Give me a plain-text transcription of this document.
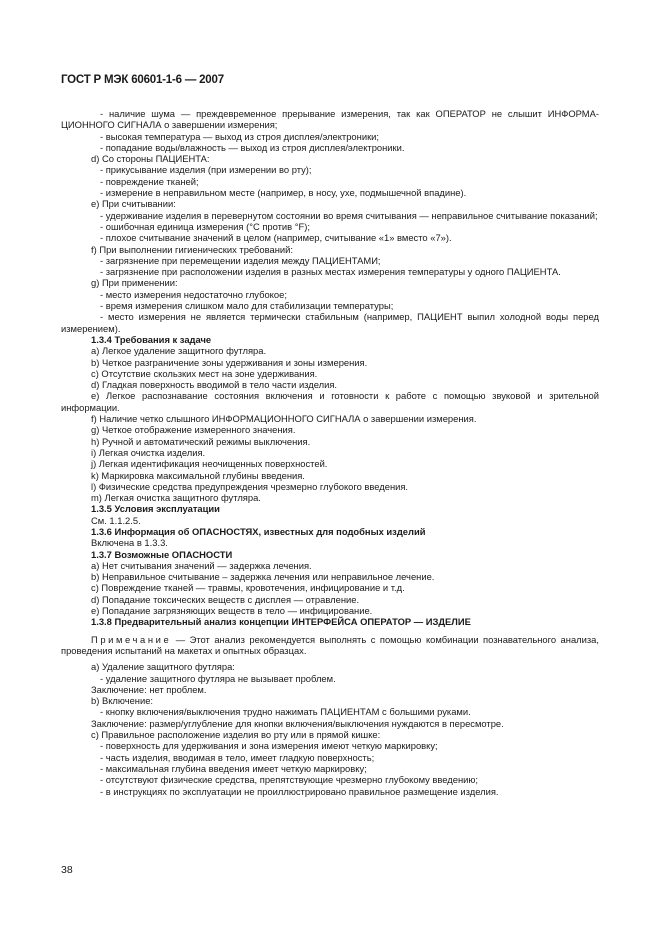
ГОСТ Р МЭК 60601-1-6 — 2007

- наличие шума — преждевременное прерывание измерения, так как ОПЕРАТОР не слышит ИНФОРМАЦИОННОГО СИГНАЛА о завершении измерения;

- высокая температура — выход из строя дисплея/электроники;

- попадание воды/влажность — выход из строя дисплея/электроники.

d) Со стороны ПАЦИЕНТА:

- прикусывание изделия (при измерении во рту);

- повреждение тканей;

- измерение в неправильном месте (например, в носу, ухе, подмышечной впадине).

e) При считывании:

- удерживание изделия в перевернутом состоянии во время считывания — неправильное считывание показаний;

- ошибочная единица измерения (°C против °F);

- плохое считывание значений в целом (например, считывание «1» вместо «7»).

f) При выполнении гигиенических требований:

- загрязнение при перемещении изделия между ПАЦИЕНТАМИ;

- загрязнение при расположении изделия в разных местах измерения температуры у одного ПАЦИЕНТА.

g) При применении:

- место измерения недостаточно глубокое;

- время измерения слишком мало для стабилизации температуры;

- место измерения не является термически стабильным (например, ПАЦИЕНТ выпил холодной воды перед измерением).

1.3.4 Требования к задаче

a) Легкое удаление защитного футляра.

b) Четкое разграничение зоны удерживания и зоны измерения.

c) Отсутствие скользких мест на зоне удерживания.

d) Гладкая поверхность вводимой в тело части изделия.

e) Легкое распознавание состояния включения и готовности к работе с помощью звуковой и зрительной информации.

f) Наличие четко слышного ИНФОРМАЦИОННОГО СИГНАЛА о завершении измерения.

g) Четкое отображение измеренного значения.

h) Ручной и автоматический режимы выключения.

i) Легкая очистка изделия.

j) Легкая идентификация неочищенных поверхностей.

k) Маркировка максимальной глубины введения.

l) Физические средства предупреждения чрезмерно глубокого введения.

m) Легкая очистка защитного футляра.

1.3.5 Условия эксплуатации

См. 1.1.2.5.

1.3.6 Информация об ОПАСНОСТЯХ, известных для подобных изделий

Включена в 1.3.3.

1.3.7 Возможные ОПАСНОСТИ

a) Нет считывания значений — задержка лечения.

b) Неправильное считывание – задержка лечения или неправильное лечение.

c) Повреждение тканей — травмы, кровотечения, инфицирование и т.д.

d) Попадание токсических веществ с дисплея — отравление.

e) Попадание загрязняющих веществ в тело — инфицирование.

1.3.8 Предварительный анализ концепции ИНТЕРФЕЙСА ОПЕРАТОР — ИЗДЕЛИЕ

Примечание — Этот анализ рекомендуется выполнять с помощью комбинации познавательного анализа, проведения испытаний на макетах и опытных образцах.

a) Удаление защитного футляра:

- удаление защитного футляра не вызывает проблем.

Заключение: нет проблем.

b) Включение:

- кнопку включения/выключения трудно нажимать ПАЦИЕНТАМ с большими руками.

Заключение: размер/углубление для кнопки включения/выключения нуждаются в пересмотре.

c) Правильное расположение изделия во рту или в прямой кишке:

- поверхность для удерживания и зона измерения имеют четкую маркировку;

- часть изделия, вводимая в тело, имеет гладкую поверхность;

- максимальная глубина введения имеет четкую маркировку;

- отсутствуют физические средства, препятствующие чрезмерно глубокому введению;

- в инструкциях по эксплуатации не проиллюстрировано правильное размещение изделия.

38
